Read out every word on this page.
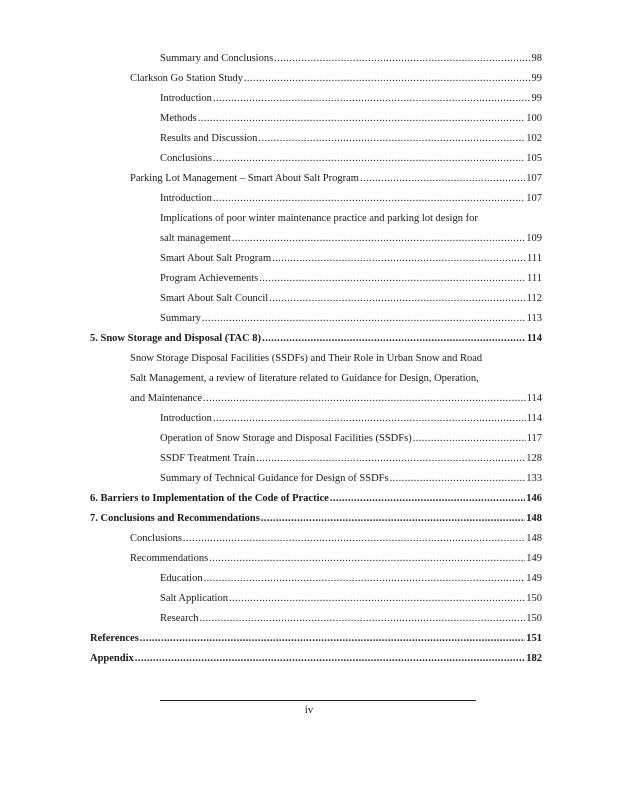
Summary and Conclusions .....	98
Clarkson Go Station Study .....	99
Introduction .....	99
Methods .....	100
Results and Discussion .....	102
Conclusions .....	105
Parking Lot Management – Smart About Salt Program .....	107
Introduction .....	107
Implications of poor winter maintenance practice and parking lot design for
salt management .....	109
Smart About Salt Program .....	111
Program Achievements .....	111
Smart About Salt Council .....	112
Summary .....	113
5. Snow Storage and Disposal (TAC 8) .....	114
Snow Storage Disposal Facilities (SSDFs) and Their Role in Urban Snow and Road
Salt Management, a review of literature related to Guidance for Design, Operation,
and Maintenance .....	114
Introduction .....	114
Operation of Snow Storage and Disposal Facilities (SSDFs) .....	117
SSDF Treatment Train .....	128
Summary of Technical Guidance for Design of SSDFs .....	133
6. Barriers to Implementation of the Code of Practice .....	146
7. Conclusions and Recommendations .....	148
Conclusions .....	148
Recommendations .....	149
Education .....	149
Salt Application .....	150
Research .....	150
References .....	151
Appendix .....	182
iv
